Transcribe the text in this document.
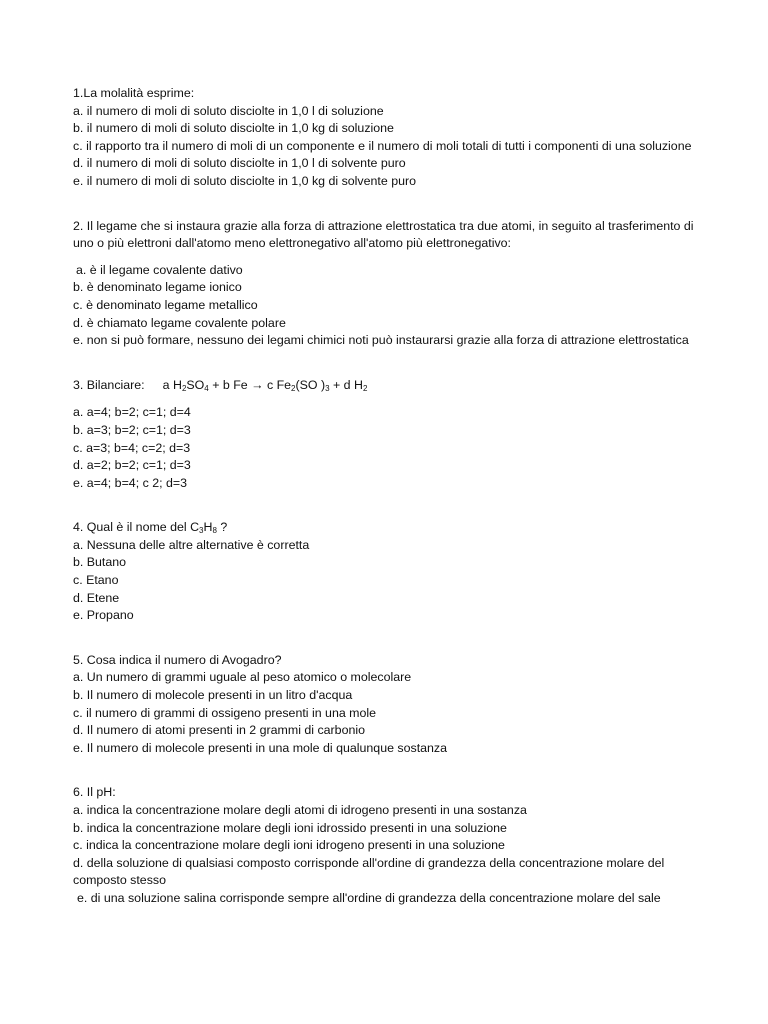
1.La molalità esprime:
a. il numero di moli di soluto disciolte in 1,0 l di soluzione
b. il numero di moli di soluto disciolte in 1,0 kg di soluzione
c. il rapporto tra il numero di moli di un componente e il numero di moli totali di tutti i componenti di una soluzione
d. il numero di moli di soluto disciolte in 1,0 l di solvente puro
e. il numero di moli di soluto disciolte in 1,0 kg di solvente puro
2. Il legame che si instaura grazie alla forza di attrazione elettrostatica tra due atomi, in seguito al trasferimento di uno o più elettroni dall'atomo meno elettronegativo all'atomo più elettronegativo:
a. è il legame covalente dativo
b. è denominato legame ionico
c. è denominato legame metallico
d. è chiamato legame covalente polare
e. non si può formare, nessuno dei legami chimici noti può instaurarsi grazie alla forza di attrazione elettrostatica
3. Bilanciare: a $H_2SO_4 + b$ Fe → c $Fe_2(SO$ )$_3 + d$ $H_2$
a. a=4; b=2; c=1; d=4
b. a=3; b=2; c=1; d=3
c. a=3; b=4; c=2; d=3
d. a=2; b=2; c=1; d=3
e. a=4; b=4; c 2; d=3
4. Qual è il nome del $C_3H_8$ ?
a. Nessuna delle altre alternative è corretta
b. Butano
c. Etano
d. Etene
e. Propano
5. Cosa indica il numero di Avogadro?
a. Un numero di grammi uguale al peso atomico o molecolare
b. Il numero di molecole presenti in un litro d'acqua
c. il numero di grammi di ossigeno presenti in una mole
d. Il numero di atomi presenti in 2 grammi di carbonio
e. Il numero di molecole presenti in una mole di qualunque sostanza
6. Il pH:
a. indica la concentrazione molare degli atomi di idrogeno presenti in una sostanza
b. indica la concentrazione molare degli ioni idrossido presenti in una soluzione
c. indica la concentrazione molare degli ioni idrogeno presenti in una soluzione
d. della soluzione di qualsiasi composto corrisponde all'ordine di grandezza della concentrazione molare del composto stesso
e. di una soluzione salina corrisponde sempre all'ordine di grandezza della concentrazione molare del sale
